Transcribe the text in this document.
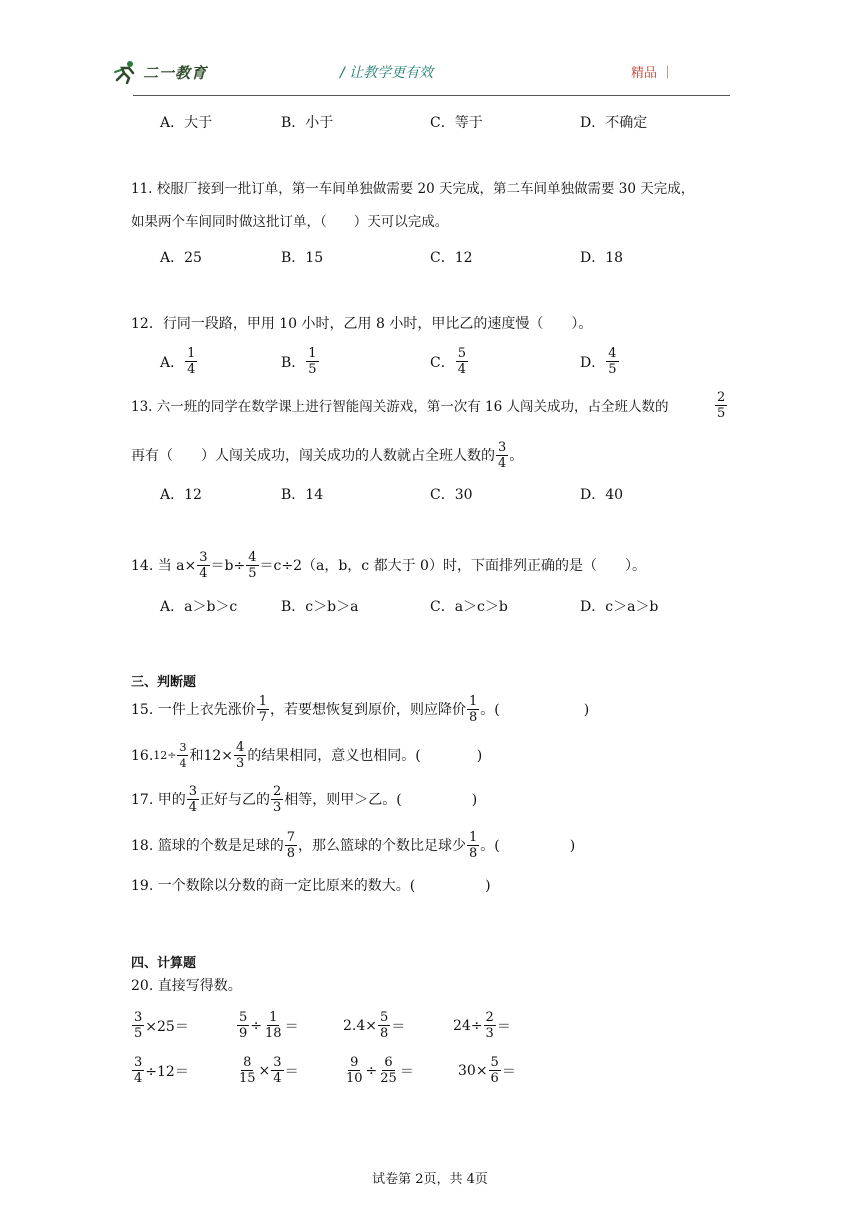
二一教育	/ 让教学更有效	精品 ｜
A．大于	B．小于	C．等于	D．不确定
11. 校服厂接到一批订单，第一车间单独做需要 20 天完成，第二车间单独做需要 30 天完成，
如果两个车间同时做这批订单，（　　）天可以完成。
A．25	B．15	C．12	D．18
12．行同一段路，甲用 10 小时，乙用 8 小时，甲比乙的速度慢（　　）。
A． $\frac{1}{4}$	B． $\frac{1}{5}$	C． $\frac{5}{4}$	D． $\frac{4}{5}$
13. 六一班的同学在数学课上进行智能闯关游戏，第一次有 16 人闯关成功，占全班人数的	$\frac{2}{5}$
再有（　　）人闯关成功，闯关成功的人数就占全班人数的 $\frac{3}{4}$ 。
A．12	B．14	C．30	D．40
14. 当 $a\times \frac{3}{4} =b\div \frac{4}{5} =c\div 2(a$，b，c 都大于 0）时，下面排列正确的是（　　）。
A．a＞b＞c	B．c＞b＞a	C．a＞c＞b	D．c＞a＞b
三、判断题
15. 一件上衣先涨价 $\frac{1}{7}$ ，若要想恢复到原价，则应降价 $\frac{1}{8}$ 。(　　　　　　)
16. $12\div \frac{3}{4}$ 和$12\times \frac{4}{3}$ 的结果相同，意义也相同。(　　　　)
17. 甲的 $\frac{3}{4}$ 正好与乙的 $\frac{2}{3}$ 相等，则甲＞乙。(　　　　　)
18. 篮球的个数是足球的 $\frac{7}{8}$ ，那么篮球的个数比足球少 $\frac{1}{8}$ 。(　　　　　)
19. 一个数除以分数的商一定比原来的数大。(　　　　　)
四、计算题
20. 直接写得数。
$\frac{3}{5} \times 25=$	$\frac{5}{9} \div \frac{1}{18}$ ＝	$2.4\times \frac{5}{8}$ ＝	$24\div \frac{2}{3}$ ＝
$\frac{3}{4} \div 12=$	$\frac{8}{15} \times \frac{3}{4}$ ＝	$\frac{9}{10} \div \frac{6}{25}$ ＝	$30\times \frac{5}{6}$ ＝
试卷第 2页，共 4页
